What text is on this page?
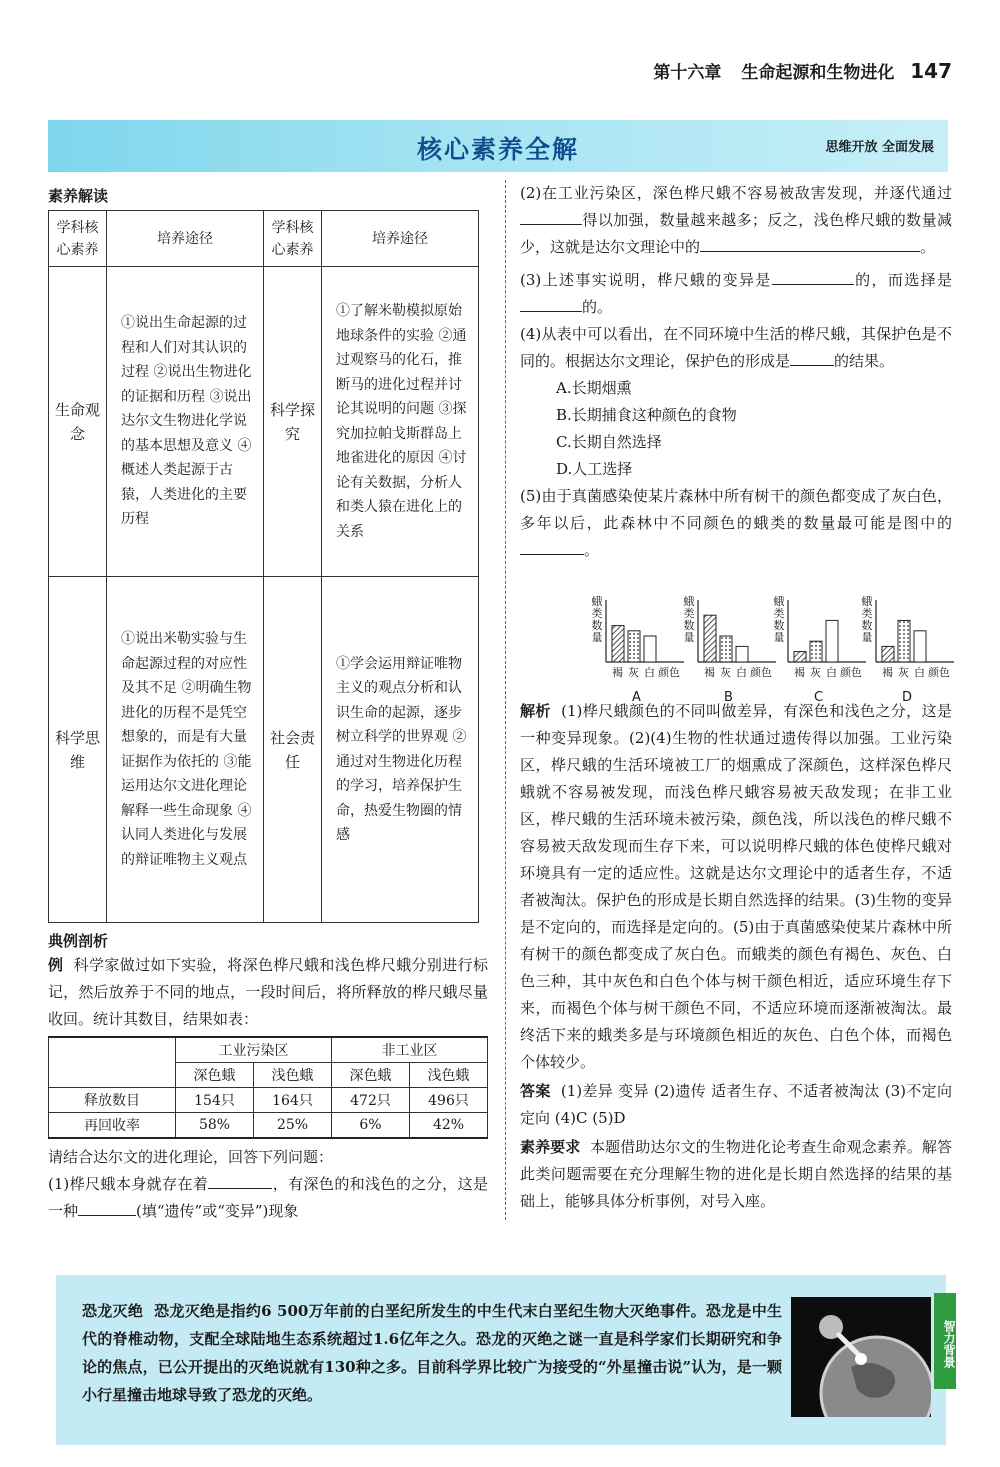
第十六章 生命起源和生物进化 147
核心素养全解	思维开放 全面发展
素养解读
学科核心素养	培养途径	学科核心素养	培养途径
生命观念	①说出生命起源的过程和人们对其认识的过程 ②说出生物进化的证据和历程 ③说出达尔文生物进化学说的基本思想及意义 ④概述人类起源于古猿，人类进化的主要历程	科学探究	①了解米勒模拟原始地球条件的实验 ②通过观察马的化石，推断马的进化过程并讨论其说明的问题 ③探究加拉帕戈斯群岛上地雀进化的原因 ④讨论有关数据，分析人和类人猿在进化上的关系
科学思维	①说出米勒实验与生命起源过程的对应性及其不足 ②明确生物进化的历程不是凭空想象的，而是有大量证据作为依托的 ③能运用达尔文进化理论解释一些生命现象 ④认同人类进化与发展的辩证唯物主义观点	社会责任	①学会运用辩证唯物主义的观点分析和认识生命的起源，逐步树立科学的世界观 ②通过对生物进化历程的学习，培养保护生命，热爱生物圈的情感
典例剖析

例 科学家做过如下实验，将深色桦尺蛾和浅色桦尺蛾分别进行标记，然后放养于不同的地点，一段时间后，将所释放的桦尺蛾尽量收回。统计其数目，结果如表：

	工业污染区		非工业区	
	深色蛾	浅色蛾	深色蛾	浅色蛾
释放数目	154只	164只	472只	496只
再回收率	58%	25%	6%	42%

请结合达尔文的进化理论，回答下列问题：

(1)桦尺蛾本身就存在着	，有深色的和浅色的之分，这是一种	(填“遗传”或“变异”)现象

(2)在工业污染区，深色桦尺蛾不容易被敌害发现，并逐代通过得以加强，数量越来越多；反之，浅色桦尺蛾的数量减少，这就是达尔文理论中的	。

(3)上述事实说明，桦尺蛾的变异是	的，而选择是的。

(4)从表中可以看出，在不同环境中生活的桦尺蛾，其保护色是不同的。根据达尔文理论，保护色的形成是	的结果。

A.长期烟熏

B.长期捕食这种颜色的食物

C.长期自然选择

D.人工选择

(5)由于真菌感染使某片森林中所有树干的颜色都变成了灰白色，多年以后，此森林中不同颜色的蛾类的数量最可能是图中的。

蛾类数量
褐 灰 白 颜色
A
蛾类数量
褐 灰 白 颜色
B
蛾类数量
褐 灰 白 颜色
C
蛾类数量
褐 灰 白 颜色
D

解析 (1)桦尺蛾颜色的不同叫做差异，有深色和浅色之分，这是一种变异现象。(2)(4)生物的性状通过遗传得以加强。工业污染区，桦尺蛾的生活环境被工厂的烟熏成了深颜色，这样深色桦尺蛾就不容易被发现，而浅色桦尺蛾容易被天敌发现；在非工业区，桦尺蛾的生活环境未被污染，颜色浅，所以浅色的桦尺蛾不容易被天敌发现而生存下来，可以说明桦尺蛾的体色使桦尺蛾对环境具有一定的适应性。这就是达尔文理论中的适者生存，不适者被淘汰。保护色的形成是长期自然选择的结果。(3)生物的变异是不定向的，而选择是定向的。(5)由于真菌感染使某片森林中所有树干的颜色都变成了灰白色。而蛾类的颜色有褐色、灰色、白色三种，其中灰色和白色个体与树干颜色相近，适应环境生存下来，而褐色个体与树干颜色不同，不适应环境而逐渐被淘汰。最终活下来的蛾类多是与环境颜色相近的灰色、白色个体，而褐色个体较少。

答案 (1)差异 变异 (2)遗传 适者生存、不适者被淘汰 (3)不定向 定向 (4)C (5)D

素养要求 本题借助达尔文的生物进化论考查生命观念素养。解答此类问题需要在充分理解生物的进化是长期自然选择的结果的基础上，能够具体分析事例，对号入座。

恐龙灭绝 恐龙灭绝是指约6 500万年前的白垩纪所发生的中生代末白垩纪生物大灭绝事件。恐龙是中生代的脊椎动物，支配全球陆地生态系统超过1.6亿年之久。恐龙的灭绝之谜一直是科学家们长期研究和争论的焦点，已公开提出的灭绝说就有130种之多。目前科学界比较广为接受的“外星撞击说”认为，是一颗小行星撞击地球导致了恐龙的灭绝。
智力背景
